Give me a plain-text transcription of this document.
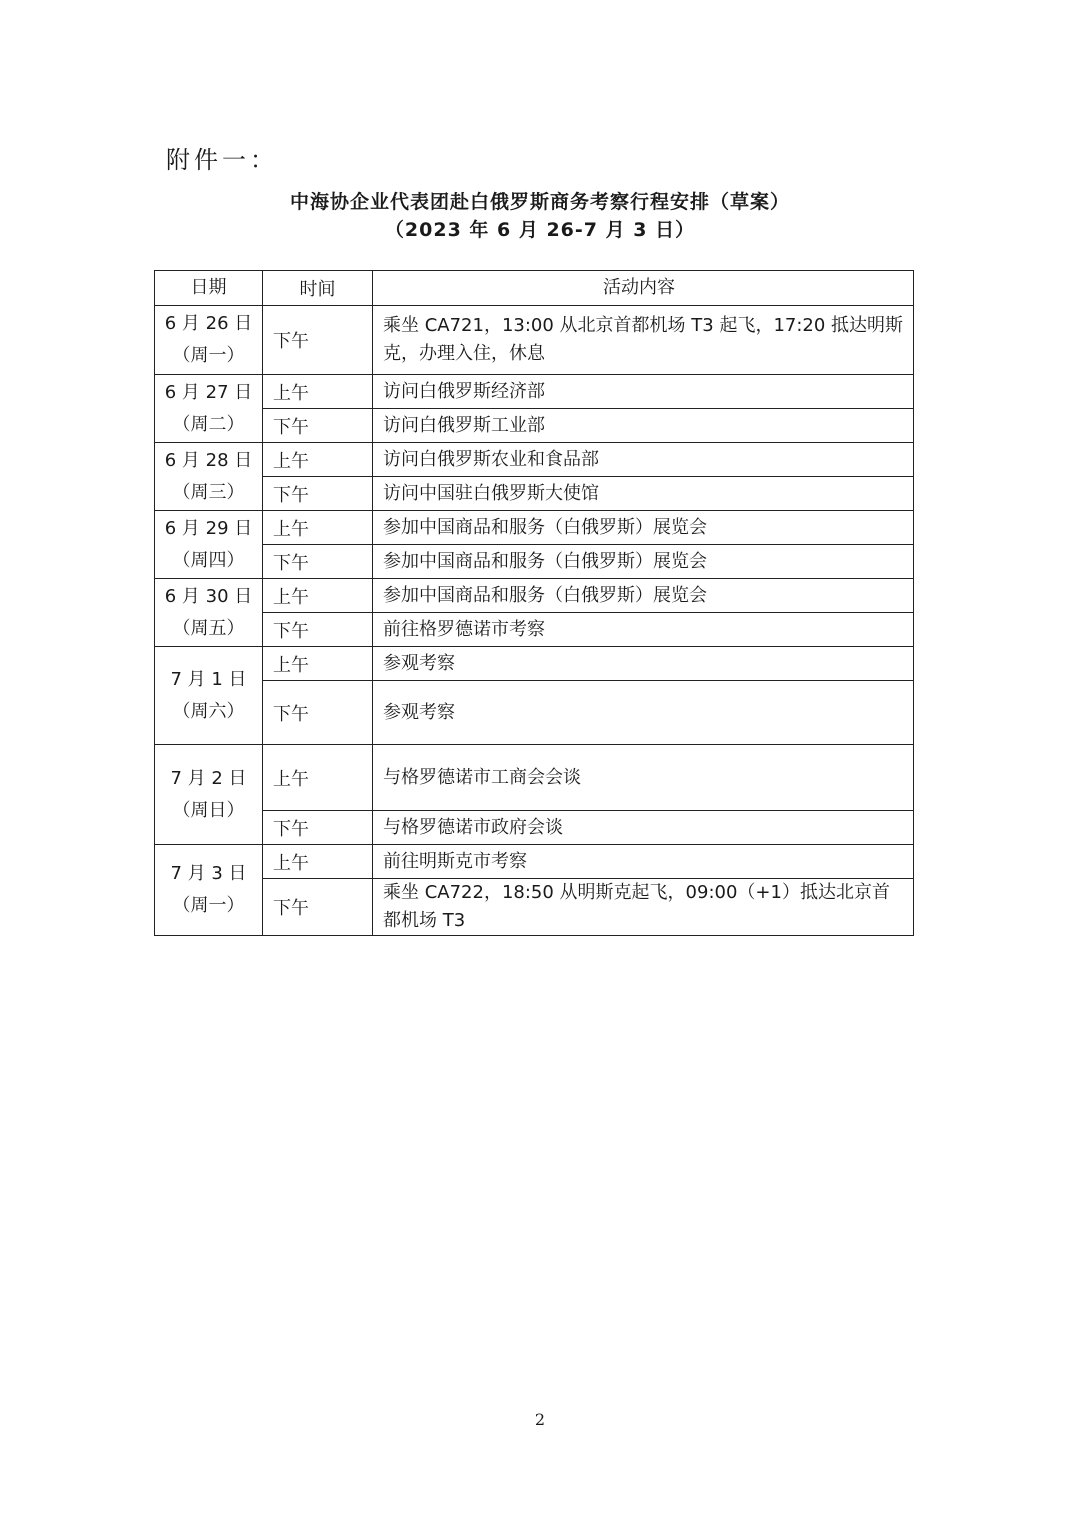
附件一：
中海协企业代表团赴白俄罗斯商务考察行程安排（草案）
（2023 年 6 月 26-7 月 3 日）
日期	时间	活动内容

6 月 26 日
（周一）	下午	乘坐 CA721，13:00 从北京首都机场 T3 起飞，17:20 抵达明斯克，办理入住，休息

6 月 27 日
（周二）	上午	访问白俄罗斯经济部
	下午	访问白俄罗斯工业部

6 月 28 日
（周三）	上午	访问白俄罗斯农业和食品部
	下午	访问中国驻白俄罗斯大使馆

6 月 29 日
（周四）	上午	参加中国商品和服务（白俄罗斯）展览会
	下午	参加中国商品和服务（白俄罗斯）展览会

6 月 30 日
（周五）	上午	参加中国商品和服务（白俄罗斯）展览会
	下午	前往格罗德诺市考察

7 月 1 日
（周六）	上午	参观考察
	下午	参观考察

7 月 2 日
（周日）	上午	与格罗德诺市工商会会谈
	下午	与格罗德诺市政府会谈

7 月 3 日
（周一）	上午	前往明斯克市考察
	下午	乘坐 CA722，18:50 从明斯克起飞，09:00（+1）抵达北京首都机场 T3
2
